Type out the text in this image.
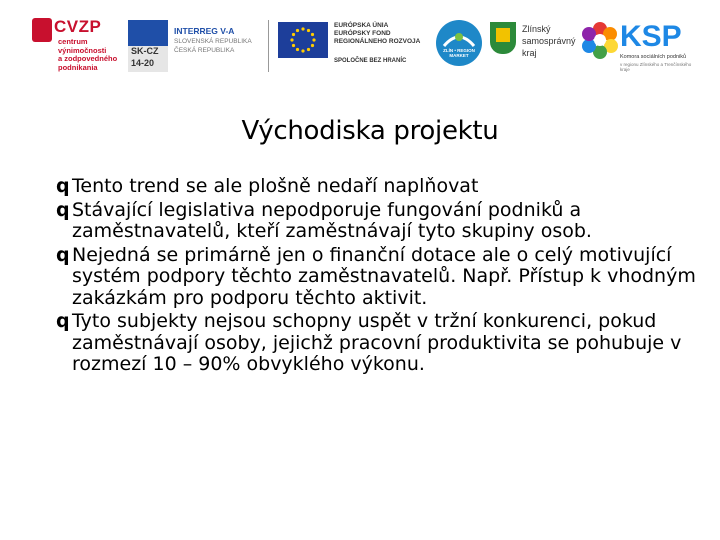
CVZP
centrum
výnimočnosti
a zodpovedného
podnikania
SK-CZ
14-20
INTERREG V-A
SLOVENSKÁ REPUBLIKA
ČESKÁ REPUBLIKA
EURÓPSKA ÚNIA
EURÓPSKY FOND
REGIONÁLNEHO ROZVOJA
SPOLOČNE BEZ HRANÍC
ZLÍN • REGION MARKET
Zlínský
samosprávný
kraj	KSP
Komora sociálních podniků
v regionu Zlínského a Trenčínského kraje
Východiska projektu
q Tento trend se ale plošně nedaří naplňovat
q Stávající legislativa nepodporuje fungování podniků a zaměstnavatelů, kteří zaměstnávají tyto skupiny osob.
q Nejedná se primárně jen o finanční dotace ale o celý motivující systém podpory těchto zaměstnavatelů. Např. Přístup k vhodným zakázkám pro podporu těchto aktivit.
q Tyto subjekty nejsou schopny uspět v tržní konkurenci, pokud zaměstnávají osoby, jejichž pracovní produktivita se pohubuje v rozmezí 10 – 90% obvyklého výkonu.
